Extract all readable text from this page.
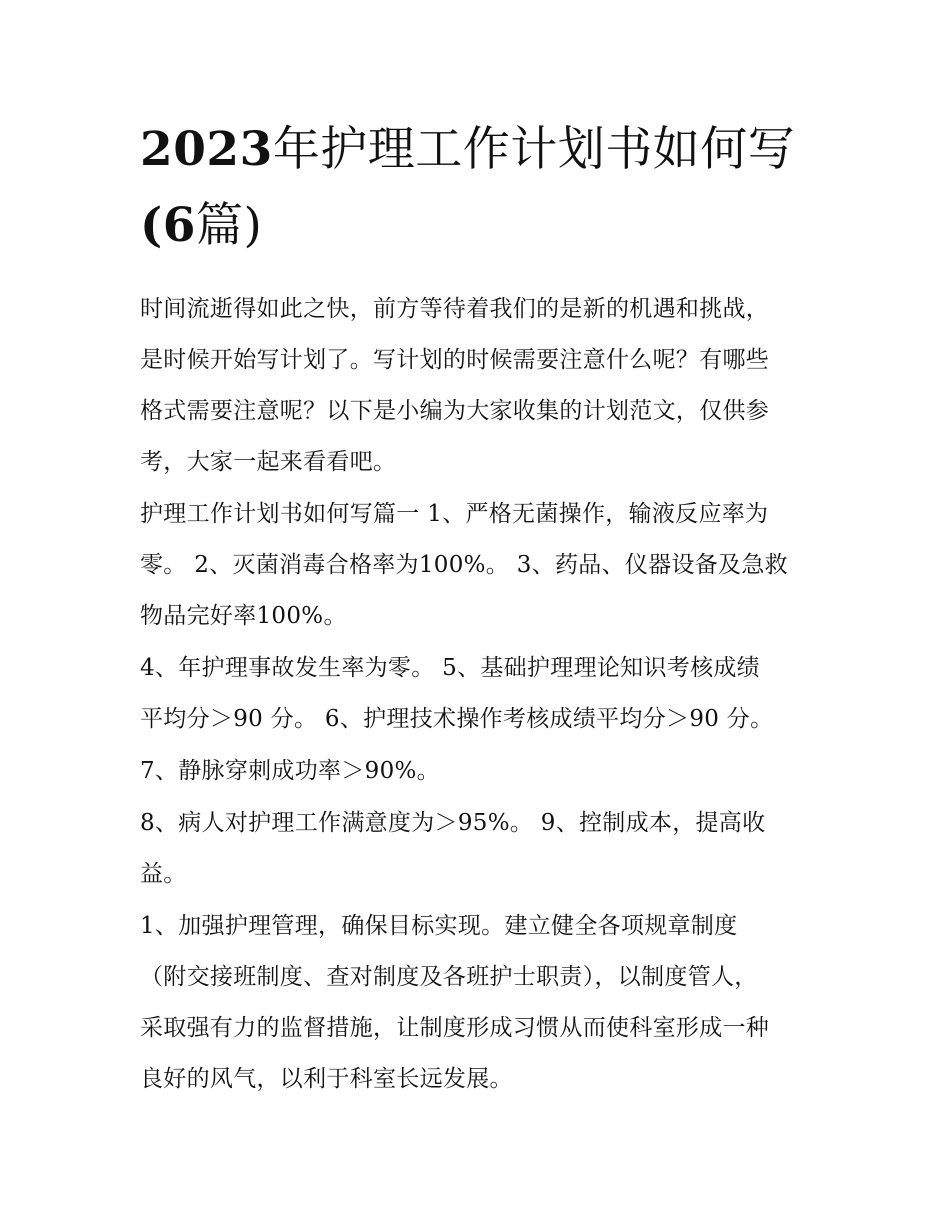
2023年护理工作计划书如何写
(6篇)
时间流逝得如此之快，前方等待着我们的是新的机遇和挑战，
是时候开始写计划了。写计划的时候需要注意什么呢？有哪些
格式需要注意呢？以下是小编为大家收集的计划范文，仅供参
考，大家一起来看看吧。
护理工作计划书如何写篇一 1、严格无菌操作，输液反应率为
零。 2、灭菌消毒合格率为100%。 3、药品、仪器设备及急救
物品完好率100%。
4、年护理事故发生率为零。 5、基础护理理论知识考核成绩
平均分＞90 分。 6、护理技术操作考核成绩平均分＞90 分。
7、静脉穿刺成功率＞90%。
8、病人对护理工作满意度为＞95%。 9、控制成本，提高收
益。
1、加强护理管理，确保目标实现。建立健全各项规章制度
（附交接班制度、查对制度及各班护士职责），以制度管人，
采取强有力的监督措施，让制度形成习惯从而使科室形成一种
良好的风气，以利于科室长远发展。
